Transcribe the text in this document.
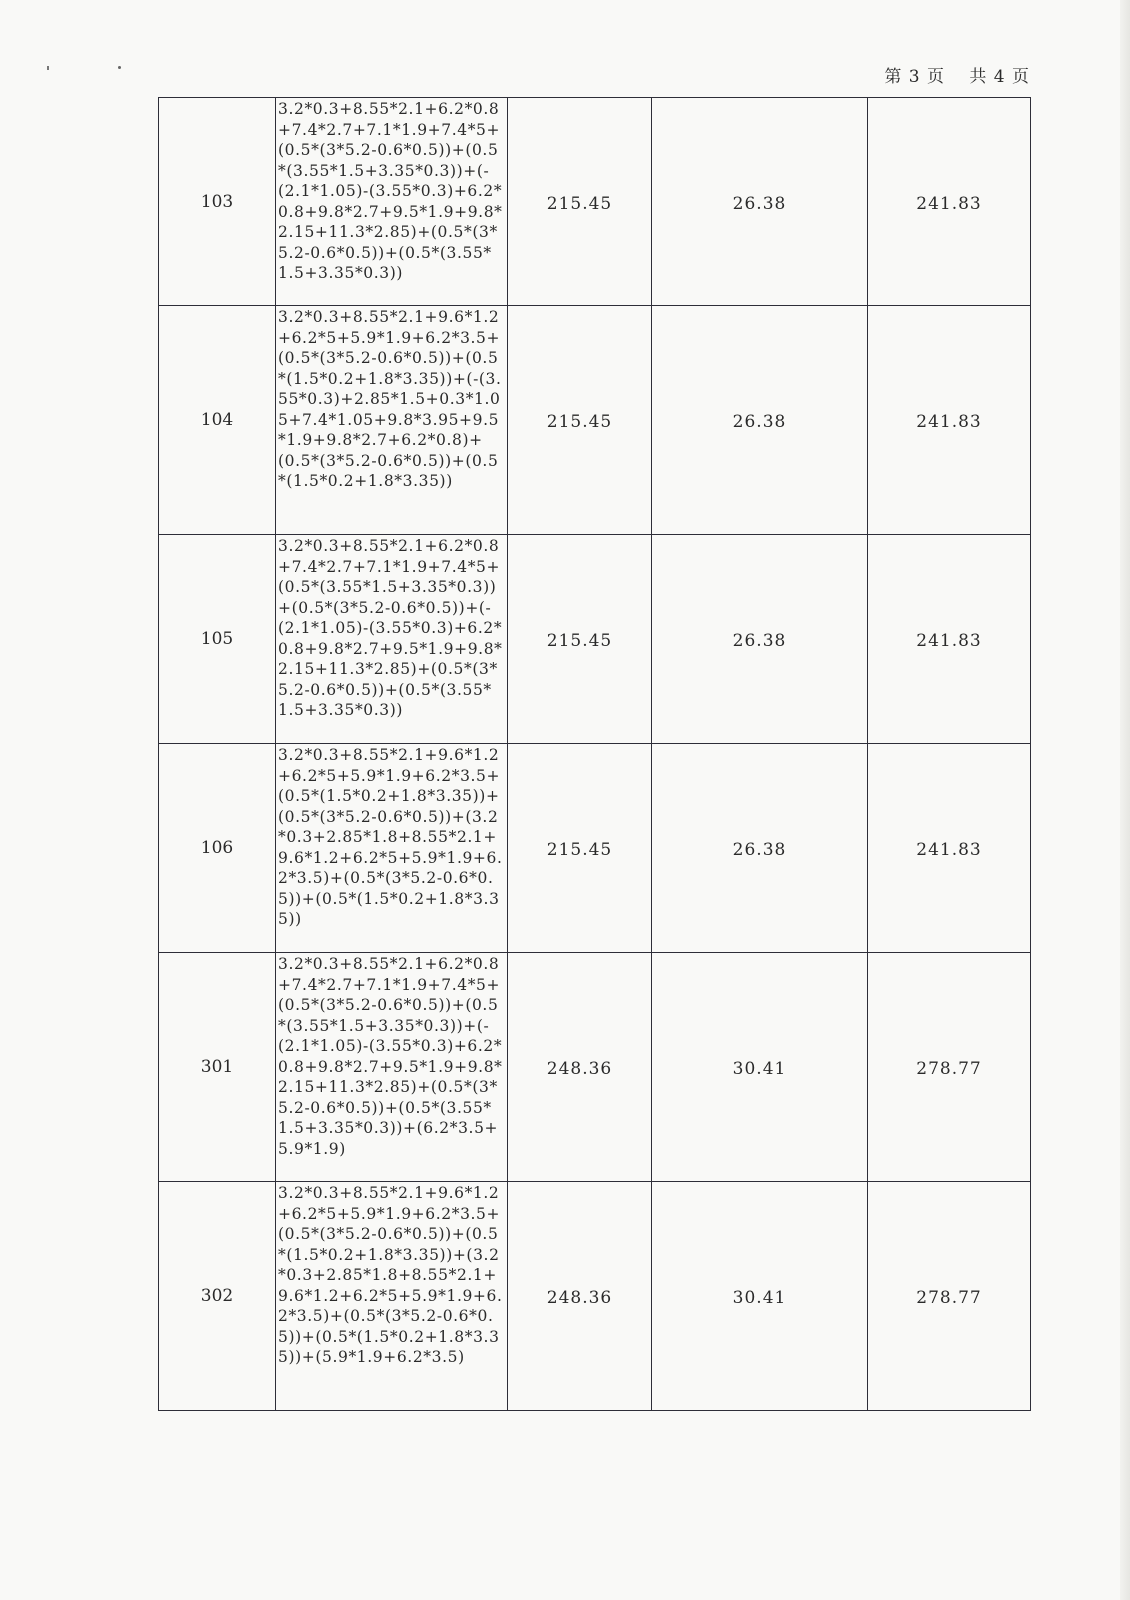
第 3 页　 共 4 页
103	3.2*0.3+8.55*2.1+6.2*0.8+7.4*2.7+7.1*1.9+7.4*5+(0.5*(3*5.2-0.6*0.5))+(0.5*(3.55*1.5+3.35*0.3))+(-(2.1*1.05)-(3.55*0.3)+6.2*0.8+9.8*2.7+9.5*1.9+9.8*2.15+11.3*2.85)+(0.5*(3*5.2-0.6*0.5))+(0.5*(3.55*1.5+3.35*0.3))	215.45	26.38	241.83
104	3.2*0.3+8.55*2.1+9.6*1.2+6.2*5+5.9*1.9+6.2*3.5+(0.5*(3*5.2-0.6*0.5))+(0.5*(1.5*0.2+1.8*3.35))+(-(3.55*0.3)+2.85*1.5+0.3*1.05+7.4*1.05+9.8*3.95+9.5*1.9+9.8*2.7+6.2*0.8)+(0.5*(3*5.2-0.6*0.5))+(0.5*(1.5*0.2+1.8*3.35))	215.45	26.38	241.83
105	3.2*0.3+8.55*2.1+6.2*0.8+7.4*2.7+7.1*1.9+7.4*5+(0.5*(3.55*1.5+3.35*0.3))+(0.5*(3*5.2-0.6*0.5))+(-(2.1*1.05)-(3.55*0.3)+6.2*0.8+9.8*2.7+9.5*1.9+9.8*2.15+11.3*2.85)+(0.5*(3*5.2-0.6*0.5))+(0.5*(3.55*1.5+3.35*0.3))	215.45	26.38	241.83
106	3.2*0.3+8.55*2.1+9.6*1.2+6.2*5+5.9*1.9+6.2*3.5+(0.5*(1.5*0.2+1.8*3.35))+(0.5*(3*5.2-0.6*0.5))+(3.2*0.3+2.85*1.8+8.55*2.1+9.6*1.2+6.2*5+5.9*1.9+6.2*3.5)+(0.5*(3*5.2-0.6*0.5))+(0.5*(1.5*0.2+1.8*3.35))	215.45	26.38	241.83
301	3.2*0.3+8.55*2.1+6.2*0.8+7.4*2.7+7.1*1.9+7.4*5+(0.5*(3*5.2-0.6*0.5))+(0.5*(3.55*1.5+3.35*0.3))+(-(2.1*1.05)-(3.55*0.3)+6.2*0.8+9.8*2.7+9.5*1.9+9.8*2.15+11.3*2.85)+(0.5*(3*5.2-0.6*0.5))+(0.5*(3.55*1.5+3.35*0.3))+(6.2*3.5+5.9*1.9)	248.36	30.41	278.77
302	3.2*0.3+8.55*2.1+9.6*1.2+6.2*5+5.9*1.9+6.2*3.5+(0.5*(3*5.2-0.6*0.5))+(0.5*(1.5*0.2+1.8*3.35))+(3.2*0.3+2.85*1.8+8.55*2.1+9.6*1.2+6.2*5+5.9*1.9+6.2*3.5)+(0.5*(3*5.2-0.6*0.5))+(0.5*(1.5*0.2+1.8*3.35))+(5.9*1.9+6.2*3.5)	248.36	30.41	278.77
